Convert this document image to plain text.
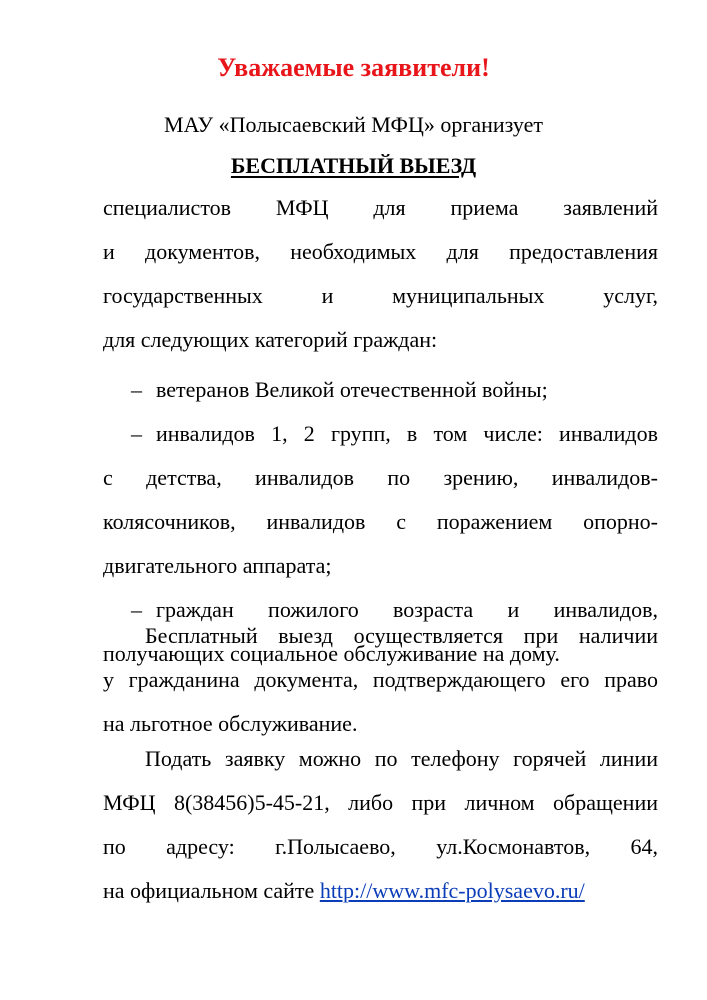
Уважаемые заявители!
МАУ «Полысаевский МФЦ» организует
БЕСПЛАТНЫЙ ВЫЕЗД
специалистов МФЦ для приема заявлений
и документов, необходимых для предоставления
государственных и муниципальных услуг,
для следующих категорий граждан:
– ветеранов Великой отечественной войны;
– инвалидов 1, 2 групп, в том числе: инвалидов
с детства, инвалидов по зрению, инвалидов-
колясочников, инвалидов с поражением опорно-
двигательного аппарата;
– граждан пожилого возраста и инвалидов,
получающих социальное обслуживание на дому.
Бесплатный выезд осуществляется при наличии
у гражданина документа, подтверждающего его право
на льготное обслуживание.
Подать заявку можно по телефону горячей линии
МФЦ 8(38456)5-45-21, либо при личном обращении
по адресу: г.Полысаево, ул.Космонавтов, 64,
на официальном сайте http://www.mfc-polysaevo.ru/
